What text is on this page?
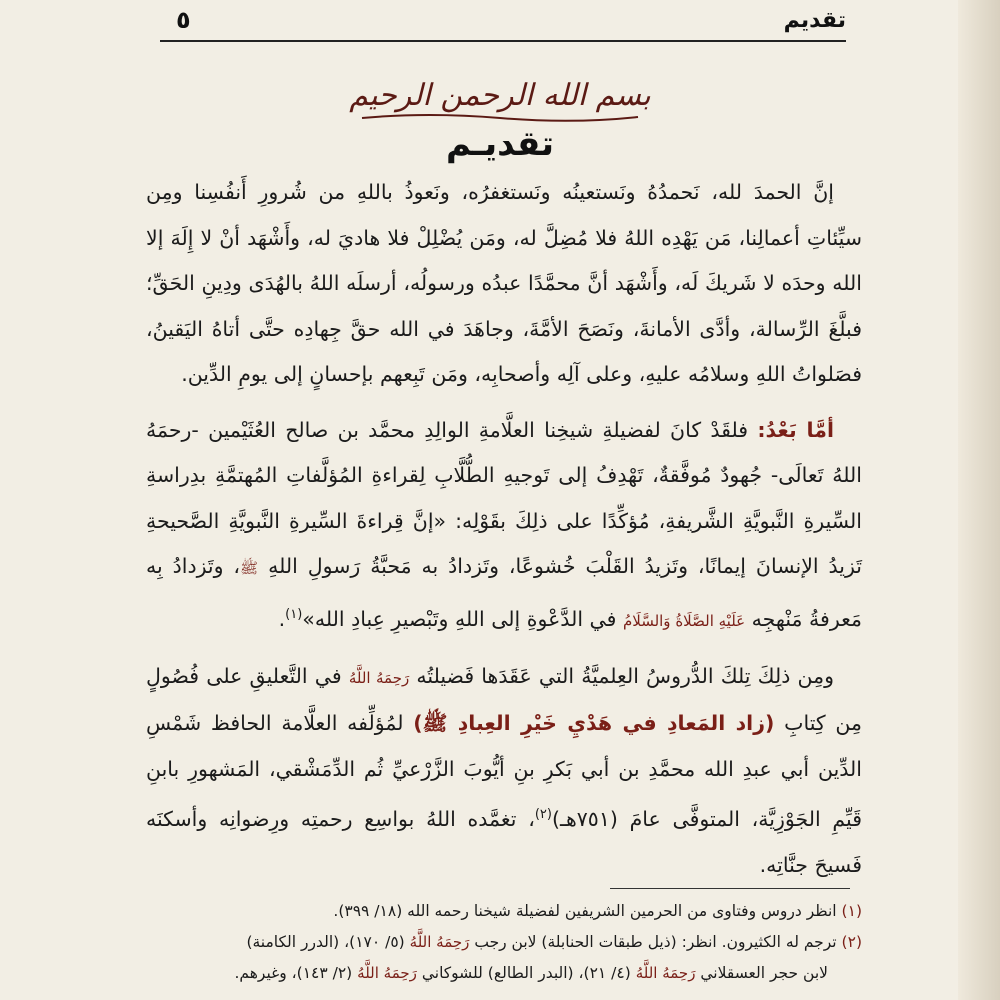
تقديم
٥
بسم الله الرحمن الرحيم
تقديـم

إنَّ الحمدَ لله، نَحمدُهُ ونَستعينُه ونَستغفرُه، ونَعوذُ باللهِ من شُرورِ أَنفُسِنا ومِن سيِّئاتِ أعمالِنا، مَن يَهْدِه اللهُ فلا مُضِلَّ له، ومَن يُضْلِلْ فلا هاديَ له، وأَشْهَد أنْ لا إِلَهَ إلا الله وحدَه لا شَريكَ لَه، وأَشْهَد أنَّ محمَّدًا عبدُه ورسولُه، أرسلَه اللهُ بالهُدَى ودِينِ الحَقِّ؛ فبلَّغَ الرِّسالة، وأدَّى الأمانةَ، ونَصَحَ الأمَّةَ، وجاهَدَ في الله حقَّ جِهادِه حتَّى أتاهُ اليَقينُ، فصَلواتُ اللهِ وسلامُه عليهِ، وعلى آلِه وأصحابِه، ومَن تَبِعهم بإحسانٍ إلى يومِ الدِّين.

أمَّا بَعْدُ: فلقَدْ كانَ لفضيلةِ شيخِنا العلَّامةِ الوالِدِ محمَّد بن صالح العُثَيْمين -رحمَهُ اللهُ تَعالَى- جُهودٌ مُوفَّقةٌ، تَهْدِفُ إلى تَوجيهِ الطُّلَّابِ لِقراءةِ المُؤلَّفاتِ المُهتمَّةِ بدِراسةِ السِّيرةِ النَّبويَّةِ الشَّريفةِ، مُؤكِّدًا على ذلِكَ بقَوْلِه: «إنَّ قِراءةَ السِّيرةِ النَّبويَّةِ الصَّحيحةِ تَزيدُ الإنسانَ إيمانًا، وتَزيدُ القَلْبَ خُشوعًا، وتَزدادُ به مَحبَّةُ رَسولِ اللهِ ﷺ، وتَزدادُ بِه مَعرفةُ مَنْهجِه عَلَيْهِ الصَّلَاةُ وَالسَّلَامُ في الدَّعْوةِ إلى اللهِ وتَبْصيرِ عِبادِ الله»$^{(١)}$.

ومِن ذلِكَ تِلكَ الدُّروسُ العِلميَّةُ التي عَقَدَها فَضيلتُه رَحِمَهُ اللَّهُ في التَّعليقِ على فُصُولٍ مِن كِتابِ (زاد المَعادِ في هَدْيِ خَيْرِ العِبادِ ﷺ) لمُؤلِّفه العلَّامة الحافظ شَمْسِ الدِّين أبي عبدِ الله محمَّدِ بن أبي بَكرِ بنِ أيُّوبَ الزَّرْعيِّ ثُم الدِّمَشْقي، المَشهورِ بابنِ قَيِّمِ الجَوْزِيَّة، المتوفَّى عامَ (٧٥١هـ)$^{(٢)}$، تغمَّده اللهُ بواسِع رحمتِه ورِضوانِه وأسكنَه فَسيحَ جنَّاتِه.

(١) انظر دروس وفتاوى من الحرمين الشريفين لفضيلة شيخنا رحمه الله (١٨/ ٣٩٩).

(٢) ترجم له الكثيرون. انظر: (ذيل طبقات الحنابلة) لابن رجب رَحِمَهُ اللَّهُ (٥/ ١٧٠)، (الدرر الكامنة)

لابن حجر العسقلاني رَحِمَهُ اللَّهُ (٤/ ٢١)، (البدر الطالع) للشوكاني رَحِمَهُ اللَّهُ (٢/ ١٤٣)، وغيرهم.
